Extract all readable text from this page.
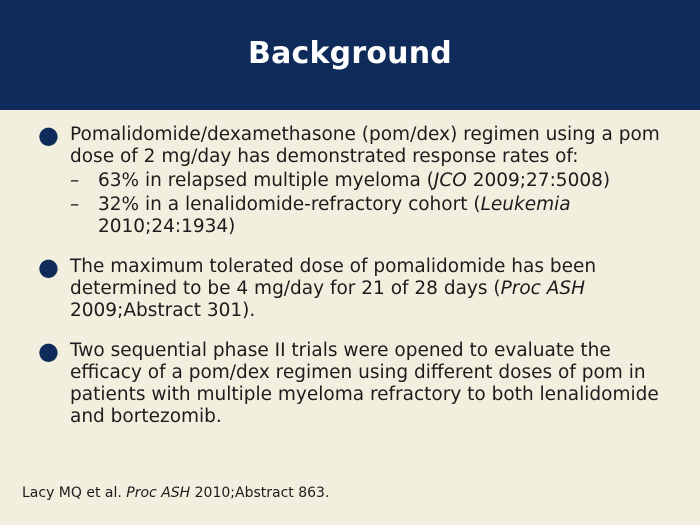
Background
● Pomalidomide/dexamethasone (pom/dex) regimen using a pom dose of 2 mg/day has demonstrated response rates of:
–	63% in relapsed multiple myeloma (JCO 2009;27:5008)
–	32% in a lenalidomide-refractory cohort (Leukemia 2010;24:1934)
● The maximum tolerated dose of pomalidomide has been determined to be 4 mg/day for 21 of 28 days (Proc ASH 2009;Abstract 301).
● Two sequential phase II trials were opened to evaluate the efficacy of a pom/dex regimen using different doses of pom in patients with multiple myeloma refractory to both lenalidomide and bortezomib.
Lacy MQ et al. Proc ASH 2010;Abstract 863.
